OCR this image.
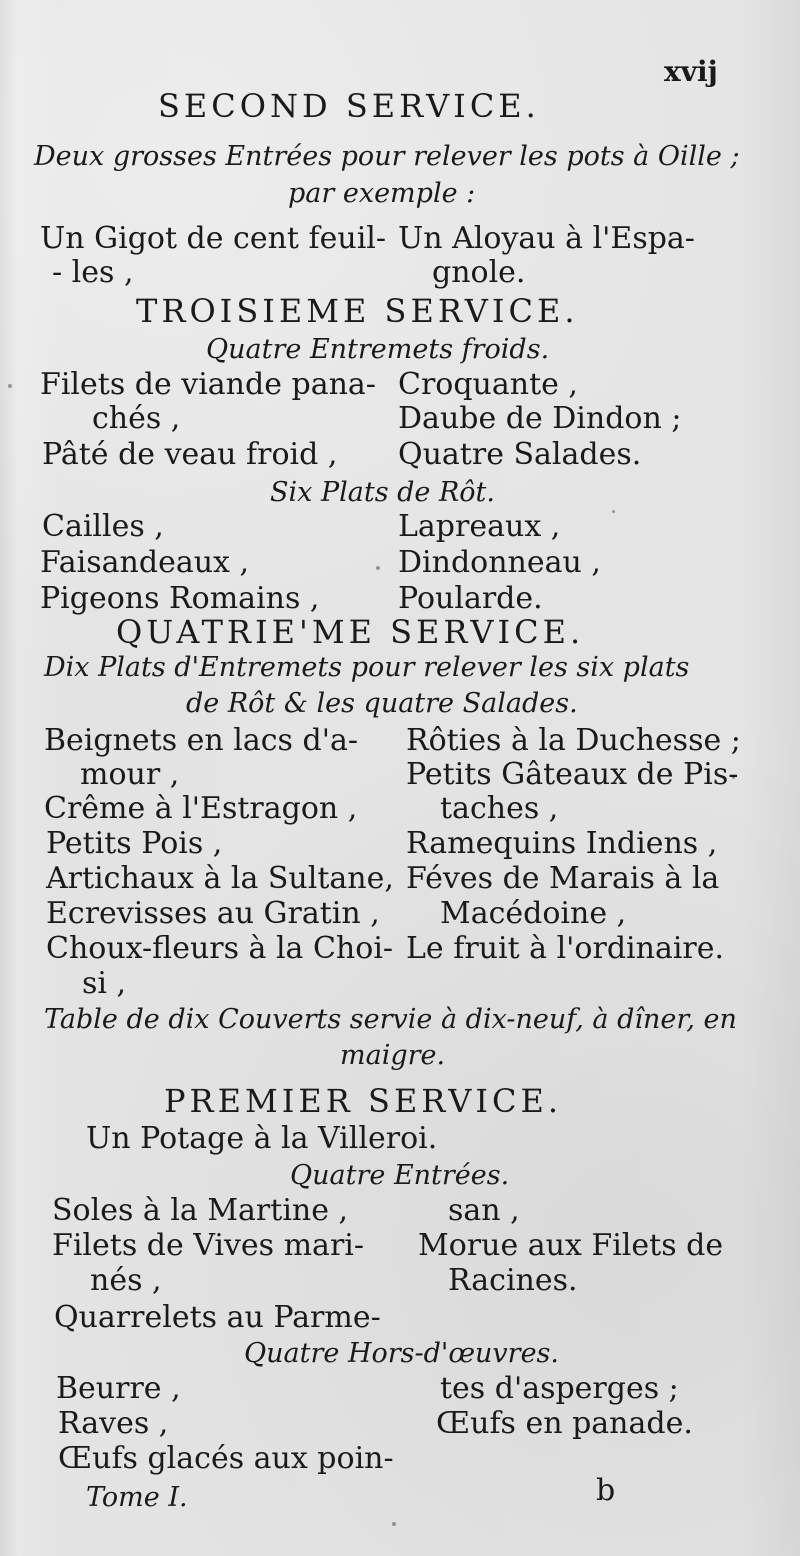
xvij
SECOND SERVICE.
Deux grosses Entrées pour relever les pots à Oille ;
par exemple :
Un Gigot de cent feuil-
- les ,
Un Aloyau à l'Espa-
gnole.
TROISIEME SERVICE.
Quatre Entremets froids.
Filets de viande pana-
chés ,
Pâté de veau froid ,
Croquante ,
Daube de Dindon ;
Quatre Salades.
Six Plats de Rôt.
Cailles ,
Faisandeaux ,
Pigeons Romains ,
Lapreaux ,
Dindonneau ,
Poularde.
QUATRIE'ME SERVICE.
Dix Plats d'Entremets pour relever les six plats
de Rôt & les quatre Salades.
Beignets en lacs d'a-
mour ,
Crême à l'Estragon ,
Petits Pois ,
Artichaux à la Sultane,
Ecrevisses au Gratin ,
Choux-fleurs à la Choi-
si ,
Rôties à la Duchesse ;
Petits Gâteaux de Pis-
taches ,
Ramequins Indiens ,
Féves de Marais à la
Macédoine ,
Le fruit à l'ordinaire.
Table de dix Couverts servie à dix-neuf, à dîner, en
maigre.
PREMIER SERVICE.
Un Potage à la Villeroi.
Quatre Entrées.
Soles à la Martine ,
Filets de Vives mari-
nés ,
Quarrelets au Parme-
san ,
Morue aux Filets de
Racines.
Quatre Hors-d'œuvres.
Beurre ,
Raves ,
Œufs glacés aux poin-
tes d'asperges ;
Œufs en panade.
Tome I.	b
